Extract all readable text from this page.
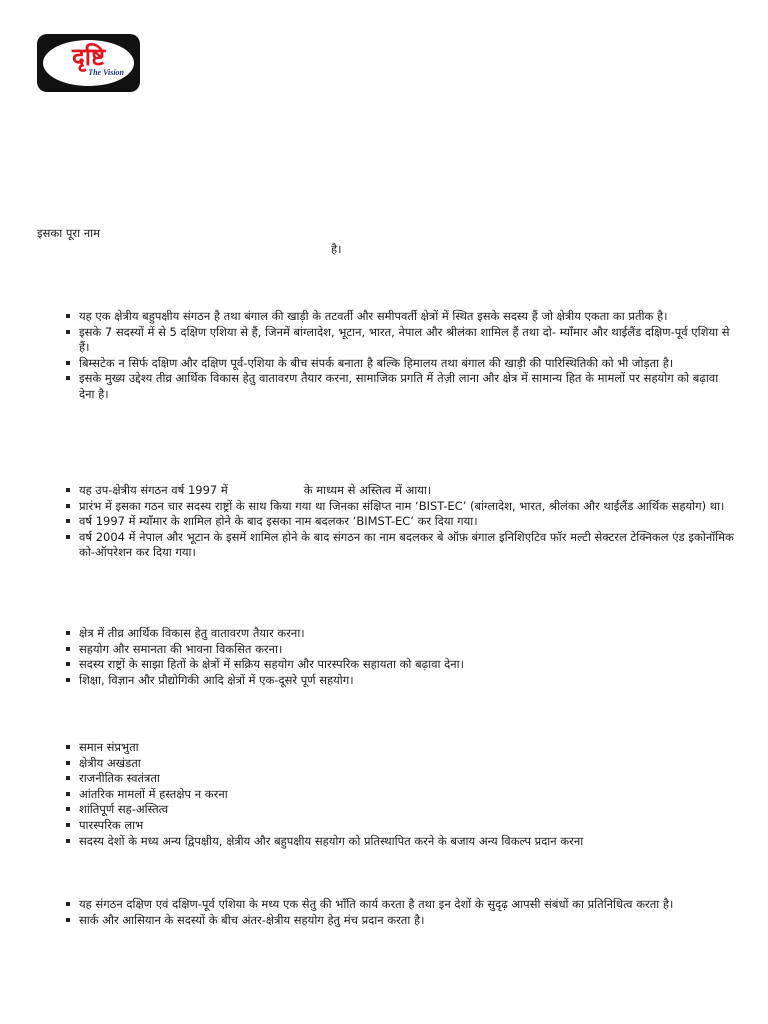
दृष्टि
The Vision
इसका पूरा नाम
है।
यह एक क्षेत्रीय बहुपक्षीय संगठन है तथा बंगाल की खाड़ी के तटवर्ती और समीपवर्ती क्षेत्रों में स्थित इसके सदस्य हैं जो क्षेत्रीय एकता का प्रतीक है।
इसके 7 सदस्यों में से 5 दक्षिण एशिया से हैं, जिनमें बांग्लादेश, भूटान, भारत, नेपाल और श्रीलंका शामिल हैं तथा दो- म्याँमार और थाईलैंड दक्षिण-पूर्व एशिया से हैं।
बिम्सटेक न सिर्फ दक्षिण और दक्षिण पूर्व-एशिया के बीच संपर्क बनाता है बल्कि हिमालय तथा बंगाल की खाड़ी की पारिस्थितिकी को भी जोड़ता है।
इसके मुख्य उद्देश्य तीव्र आर्थिक विकास हेतु वातावरण तैयार करना, सामाजिक प्रगति में तेज़ी लाना और क्षेत्र में सामान्य हित के मामलों पर सहयोग को बढ़ावा देना है।
यह उप-क्षेत्रीय संगठन वर्ष 1997 में	के माध्यम से अस्तित्व में आया।
प्रारंभ में इसका गठन चार सदस्य राष्ट्रों के साथ किया गया था जिनका संक्षिप्त नाम ‘BIST-EC’ (बांग्लादेश, भारत, श्रीलंका और थाईलैंड आर्थिक सहयोग) था।
वर्ष 1997 में म्याँमार के शामिल होने के बाद इसका नाम बदलकर ‘BIMST-EC’ कर दिया गया।
वर्ष 2004 में नेपाल और भूटान के इसमें शामिल होने के बाद संगठन का नाम बदलकर बे ऑफ़ बंगाल इनिशिएटिव फॉर मल्टी सेक्टरल टेक्निकल एंड इकोनॉमिक को-ऑपरेशन कर दिया गया।
क्षेत्र में तीव्र आर्थिक विकास हेतु वातावरण तैयार करना।
सहयोग और समानता की भावना विकसित करना।
सदस्य राष्ट्रों के साझा हितों के क्षेत्रों में सक्रिय सहयोग और पारस्परिक सहायता को बढ़ावा देना।
शिक्षा, विज्ञान और प्रौद्योगिकी आदि क्षेत्रों में एक-दूसरे पूर्ण सहयोग।
समान संप्रभुता
क्षेत्रीय अखंडता
राजनीतिक स्वतंत्रता
आंतरिक मामलों में हस्तक्षेप न करना
शांतिपूर्ण सह-अस्तित्व
पारस्परिक लाभ
सदस्य देशों के मध्य अन्य द्विपक्षीय, क्षेत्रीय और बहुपक्षीय सहयोग को प्रतिस्थापित करने के बजाय अन्य विकल्प प्रदान करना
यह संगठन दक्षिण एवं दक्षिण-पूर्व एशिया के मध्य एक सेतु की भाँति कार्य करता है तथा इन देशों के सुदृढ़ आपसी संबंधों का प्रतिनिधित्व करता है।
सार्क और आसियान के सदस्यों के बीच अंतर-क्षेत्रीय सहयोग हेतु मंच प्रदान करता है।
